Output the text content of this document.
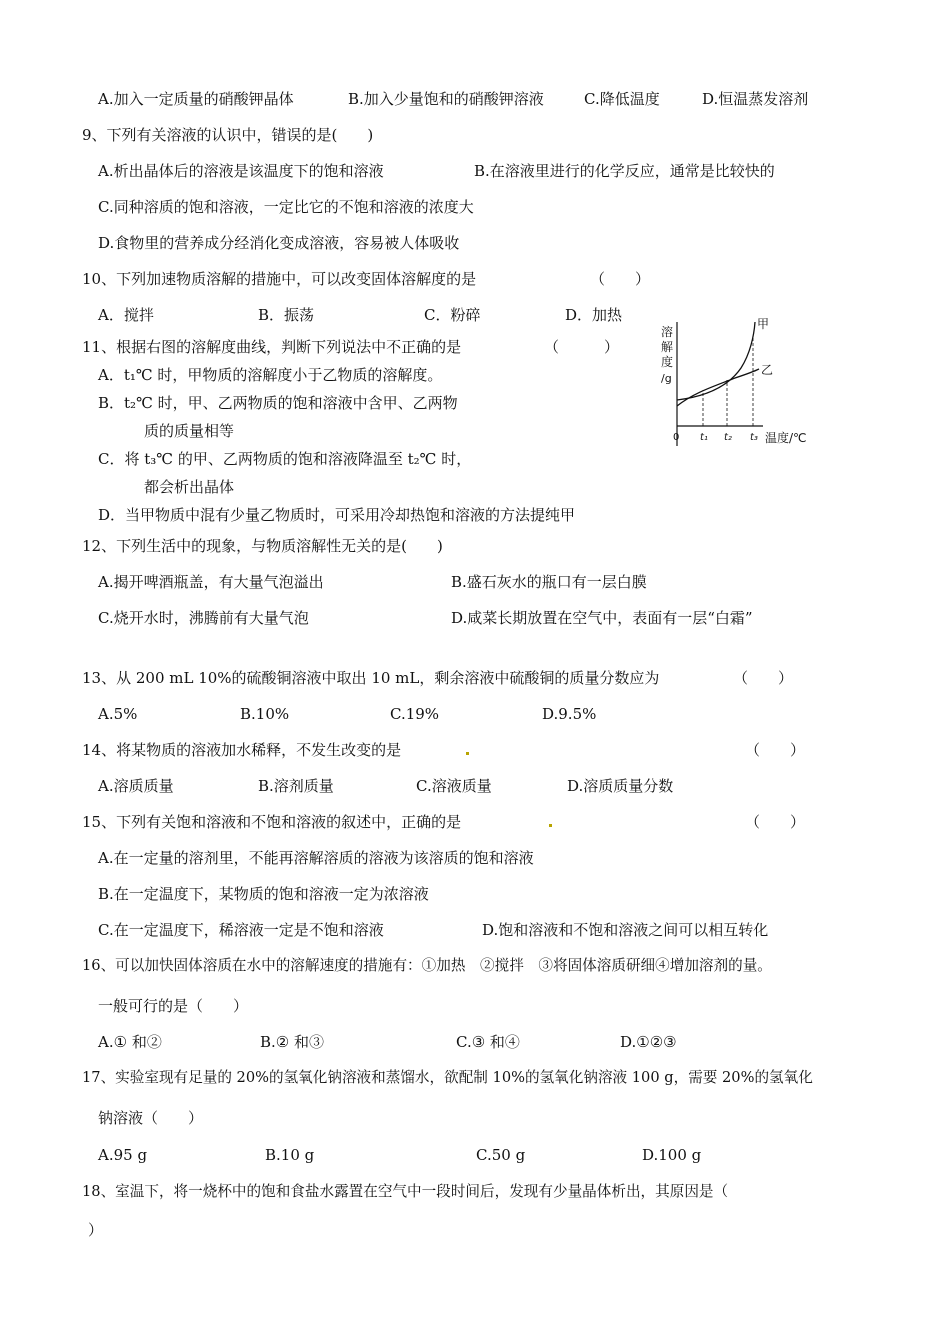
A.加入一定质量的硝酸钾晶体	B.加入少量饱和的硝酸钾溶液	C.降低温度	D.恒温蒸发溶剂
9、下列有关溶液的认识中，错误的是(　　)
A.析出晶体后的溶液是该温度下的饱和溶液	B.在溶液里进行的化学反应，通常是比较快的
C.同种溶质的饱和溶液，一定比它的不饱和溶液的浓度大
D.食物里的营养成分经消化变成溶液，容易被人体吸收
10、下列加速物质溶解的措施中，可以改变固体溶解度的是	（　　）
A．搅拌	B．振荡	C．粉碎	D．加热
11、根据右图的溶解度曲线，判断下列说法中不正确的是	（　　　）
A．t₁℃ 时，甲物质的溶解度小于乙物质的溶解度。
B．t₂℃ 时，甲、乙两物质的饱和溶液中含甲、乙两物
质的质量相等
C．将 t₃℃ 的甲、乙两物质的饱和溶液降温至 t₂℃ 时，
都会析出晶体
D．当甲物质中混有少量乙物质时，可采用冷却热饱和溶液的方法提纯甲
溶
解
度
/g
0 t₁ t₂ t₃ 温度/℃
甲
乙
12、下列生活中的现象，与物质溶解性无关的是(　　)
A.揭开啤酒瓶盖，有大量气泡溢出	B.盛石灰水的瓶口有一层白膜
C.烧开水时，沸腾前有大量气泡	D.咸菜长期放置在空气中，表面有一层“白霜”
13、从 200 mL 10%的硫酸铜溶液中取出 10 mL，剩余溶液中硫酸铜的质量分数应为	（　　）
A.5%	B.10%	C.19%	D.9.5%
14、将某物质的溶液加水稀释，不发生改变的是	（　　）
A.溶质质量	B.溶剂质量	C.溶液质量	D.溶质质量分数
15、下列有关饱和溶液和不饱和溶液的叙述中，正确的是	（　　）
A.在一定量的溶剂里，不能再溶解溶质的溶液为该溶质的饱和溶液
B.在一定温度下，某物质的饱和溶液一定为浓溶液
C.在一定温度下，稀溶液一定是不饱和溶液	D.饱和溶液和不饱和溶液之间可以相互转化
16、可以加快固体溶质在水中的溶解速度的措施有：①加热　②搅拌　③将固体溶质研细④增加溶剂的量。
一般可行的是（　　）
A.① 和②	B.② 和③	C.③ 和④	D.①②③
17、实验室现有足量的 20%的氢氧化钠溶液和蒸馏水，欲配制 10%的氢氧化钠溶液 100 g，需要 20%的氢氧化
钠溶液（　　）
A.95 g	B.10 g	C.50 g	D.100 g
18、室温下，将一烧杯中的饱和食盐水露置在空气中一段时间后，发现有少量晶体析出，其原因是（
）
